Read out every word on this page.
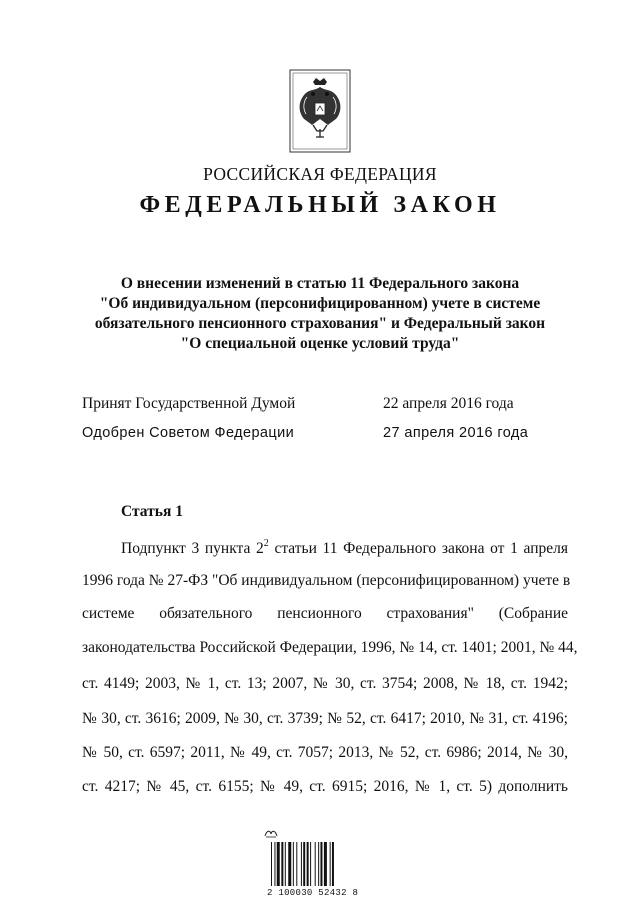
РОССИЙСКАЯ ФЕДЕРАЦИЯ
ФЕДЕРАЛЬНЫЙ ЗАКОН
О внесении изменений в статью 11 Федерального закона
"Об индивидуальном (персонифицированном) учете в системе
обязательного пенсионного страхования" и Федеральный закон
"О специальной оценке условий труда"
Принят Государственной Думой	22 апреля 2016 года
Одобрен Советом Федерации	27 апреля 2016 года
Статья 1
Подпункт 3 пункта $2^2$ статьи 11 Федерального закона от 1 апреля
1996 года № 27-ФЗ "Об индивидуальном (персонифицированном) учете в
системе обязательного пенсионного страхования" (Собрание
законодательства Российской Федерации, 1996, № 14, ст. 1401; 2001, № 44,
ст. 4149; 2003, № 1, ст. 13; 2007, № 30, ст. 3754; 2008, № 18, ст. 1942;
№ 30, ст. 3616; 2009, № 30, ст. 3739; № 52, ст. 6417; 2010, № 31, ст. 4196;
№ 50, ст. 6597; 2011, № 49, ст. 7057; 2013, № 52, ст. 6986; 2014, № 30,
ст. 4217; № 45, ст. 6155; № 49, ст. 6915; 2016, № 1, ст. 5) дополнить
2 100030 52432 8
